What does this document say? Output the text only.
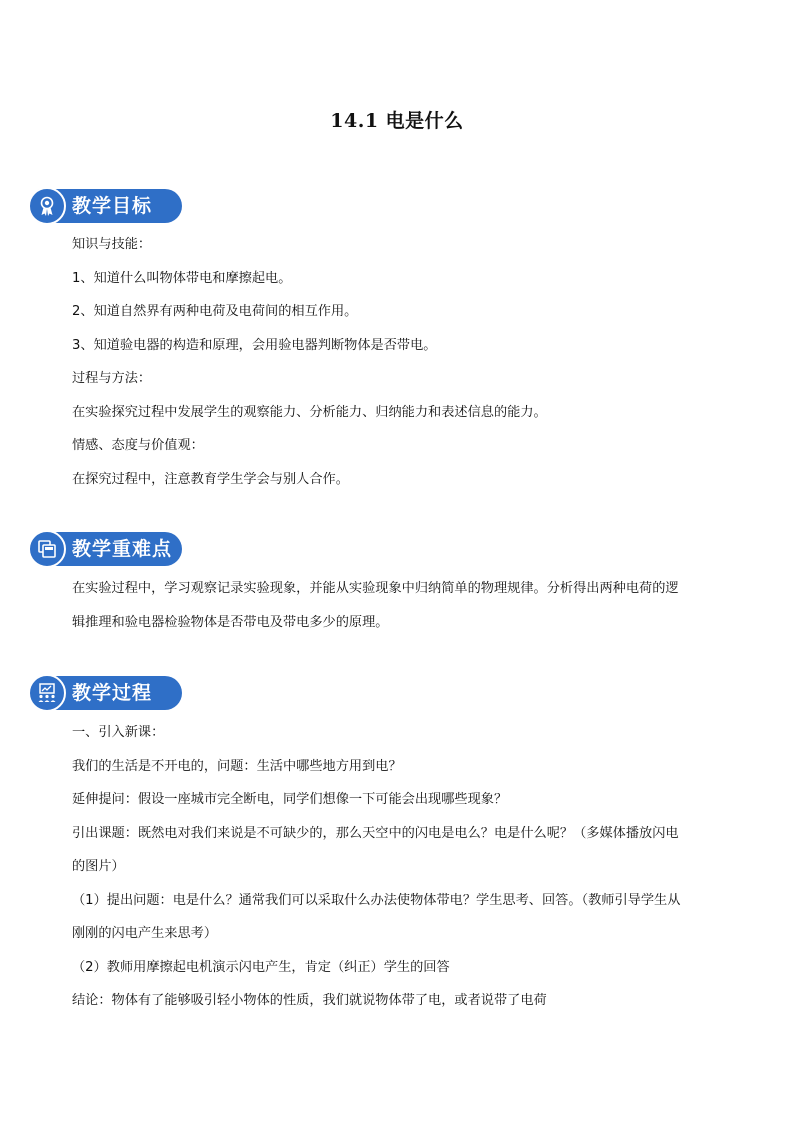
14.1 电是什么
教学目标
知识与技能：
1、知道什么叫物体带电和摩擦起电。
2、知道自然界有两种电荷及电荷间的相互作用。
3、知道验电器的构造和原理，会用验电器判断物体是否带电。
过程与方法：
在实验探究过程中发展学生的观察能力、分析能力、归纳能力和表述信息的能力。
情感、态度与价值观：
在探究过程中，注意教育学生学会与别人合作。
教学重难点
在实验过程中，学习观察记录实验现象，并能从实验现象中归纳简单的物理规律。分析得出两种电荷的逻
辑推理和验电器检验物体是否带电及带电多少的原理。
教学过程
一、引入新课：
我们的生活是不开电的，问题：生活中哪些地方用到电？
延伸提问：假设一座城市完全断电，同学们想像一下可能会出现哪些现象？
引出课题：既然电对我们来说是不可缺少的，那么天空中的闪电是电么？电是什么呢？（多媒体播放闪电
的图片）
（1）提出问题：电是什么？通常我们可以采取什么办法使物体带电？学生思考、回答。（教师引导学生从
刚刚的闪电产生来思考）
（2）教师用摩擦起电机演示闪电产生，肯定（纠正）学生的回答
结论：物体有了能够吸引轻小物体的性质，我们就说物体带了电，或者说带了电荷
